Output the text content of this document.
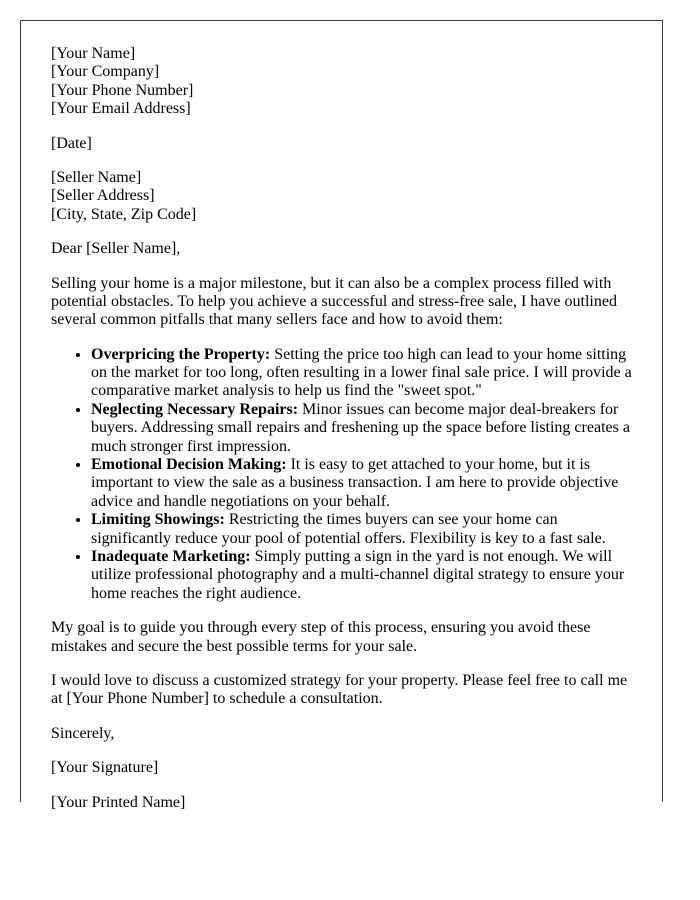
[Your Name]
[Your Company]
[Your Phone Number]
[Your Email Address]

[Date]

[Seller Name]
[Seller Address]
[City, State, Zip Code]

Dear [Seller Name],

Selling your home is a major milestone, but it can also be a complex process filled with potential obstacles. To help you achieve a successful and stress-free sale, I have outlined several common pitfalls that many sellers face and how to avoid them:

• Overpricing the Property: Setting the price too high can lead to your home sitting on the market for too long, often resulting in a lower final sale price. I will provide a comparative market analysis to help us find the "sweet spot."
• Neglecting Necessary Repairs: Minor issues can become major deal-breakers for buyers. Addressing small repairs and freshening up the space before listing creates a much stronger first impression.
• Emotional Decision Making: It is easy to get attached to your home, but it is important to view the sale as a business transaction. I am here to provide objective advice and handle negotiations on your behalf.
• Limiting Showings: Restricting the times buyers can see your home can significantly reduce your pool of potential offers. Flexibility is key to a fast sale.
• Inadequate Marketing: Simply putting a sign in the yard is not enough. We will utilize professional photography and a multi-channel digital strategy to ensure your home reaches the right audience.

My goal is to guide you through every step of this process, ensuring you avoid these mistakes and secure the best possible terms for your sale.

I would love to discuss a customized strategy for your property. Please feel free to call me at [Your Phone Number] to schedule a consultation.

Sincerely,

[Your Signature]

[Your Printed Name]
